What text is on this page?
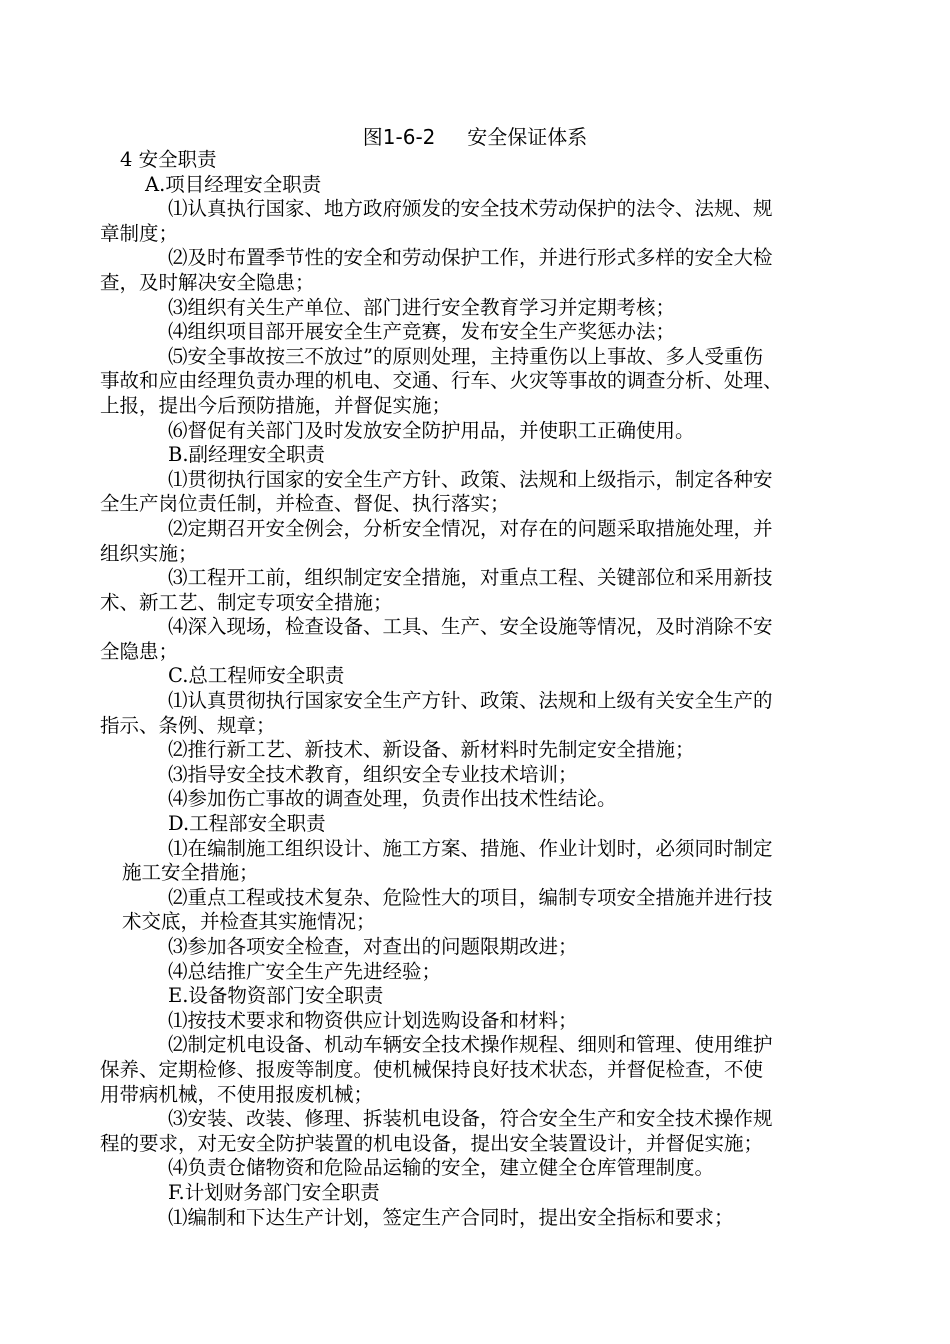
图1-6-2     安全保证体系

4 安全职责

A.项目经理安全职责

⑴认真执行国家、地方政府颁发的安全技术劳动保护的法令、法规、规

章制度；

⑵及时布置季节性的安全和劳动保护工作，并进行形式多样的安全大检

查，及时解决安全隐患；

⑶组织有关生产单位、部门进行安全教育学习并定期考核；

⑷组织项目部开展安全生产竞赛，发布安全生产奖惩办法；

⑸安全事故按三不放过”的原则处理，主持重伤以上事故、多人受重伤

事故和应由经理负责办理的机电、交通、行车、火灾等事故的调查分析、处理、

上报，提出今后预防措施，并督促实施；

⑹督促有关部门及时发放安全防护用品，并使职工正确使用。

B.副经理安全职责

⑴贯彻执行国家的安全生产方针、政策、法规和上级指示，制定各种安

全生产岗位责任制，并检查、督促、执行落实；

⑵定期召开安全例会，分析安全情况，对存在的问题采取措施处理，并

组织实施；

⑶工程开工前，组织制定安全措施，对重点工程、关键部位和采用新技

术、新工艺、制定专项安全措施；

⑷深入现场，检查设备、工具、生产、安全设施等情况，及时消除不安

全隐患；

C.总工程师安全职责

⑴认真贯彻执行国家安全生产方针、政策、法规和上级有关安全生产的

指示、条例、规章；

⑵推行新工艺、新技术、新设备、新材料时先制定安全措施；

⑶指导安全技术教育，组织安全专业技术培训；

⑷参加伤亡事故的调查处理，负责作出技术性结论。

D.工程部安全职责

⑴在编制施工组织设计、施工方案、措施、作业计划时，必须同时制定

施工安全措施；

⑵重点工程或技术复杂、危险性大的项目，编制专项安全措施并进行技

术交底，并检查其实施情况；

⑶参加各项安全检查，对查出的问题限期改进；

⑷总结推广安全生产先进经验；

E.设备物资部门安全职责

⑴按技术要求和物资供应计划选购设备和材料；

⑵制定机电设备、机动车辆安全技术操作规程、细则和管理、使用维护

保养、定期检修、报废等制度。使机械保持良好技术状态，并督促检查，不使

用带病机械，不使用报废机械；

⑶安装、改装、修理、拆装机电设备，符合安全生产和安全技术操作规

程的要求，对无安全防护装置的机电设备，提出安全装置设计，并督促实施；

⑷负责仓储物资和危险品运输的安全，建立健全仓库管理制度。

F.计划财务部门安全职责

⑴编制和下达生产计划，签定生产合同时，提出安全指标和要求；
